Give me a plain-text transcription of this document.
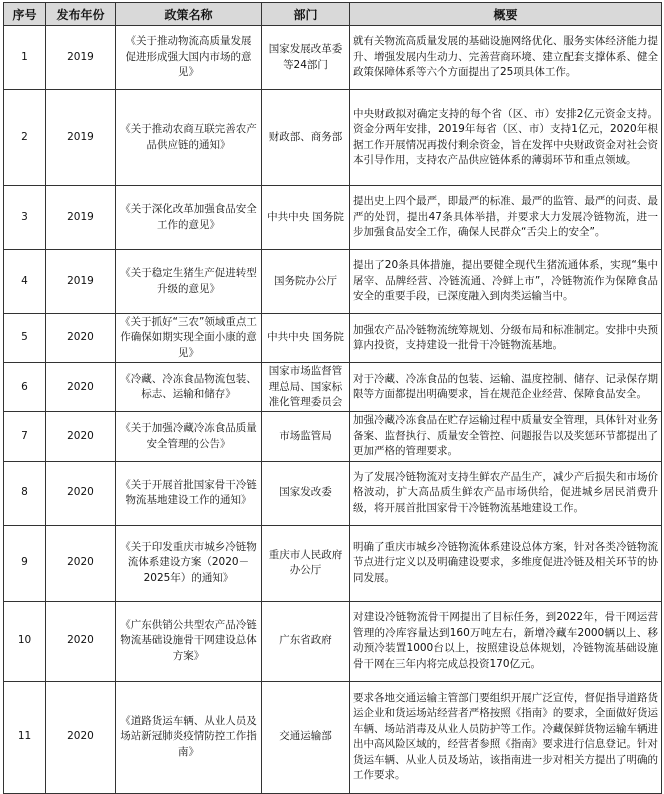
序号	发布年份	政策名称	部门	概要
1	2019	《关于推动物流高质量发展 促进形成强大国内市场的意见》	国家发展改革委等24部门	就有关物流高质量发展的基础设施网络优化、服务实体经济能力提升、增强发展内生动力、完善营商环境、建立配套支撑体系、健全政策保障体系等六个方面提出了25项具体工作。
2	2019	《关于推动农商互联完善农产品供应链的通知》	财政部、商务部	中央财政拟对确定支持的每个省（区、市）安排2亿元资金支持。资金分两年安排，2019年每省（区、市）支持1亿元，2020年根据工作开展情况再拨付剩余资金，旨在发挥中央财政资金对社会资本引导作用，支持农产品供应链体系的薄弱环节和重点领域。
3	2019	《关于深化改革加强食品安全工作的意见》	中共中央 国务院	提出史上四个最严，即最严的标准、最严的监管、最严的问责、最严的处罚，提出47条具体举措，并要求大力发展冷链物流，进一步加强食品安全工作，确保人民群众“舌尖上的安全”。
4	2019	《关于稳定生猪生产促进转型升级的意见》	国务院办公厅	提出了20条具体措施，提出要健全现代生猪流通体系，实现“集中屠宰、品牌经营、冷链流通、冷鲜上市”，冷链物流作为保障食品安全的重要手段，已深度融入到肉类运输当中。
5	2020	《关于抓好“三农”领域重点工作确保如期实现全面小康的意见》	中共中央 国务院	加强农产品冷链物流统筹规划、分级布局和标准制定。安排中央预算内投资，支持建设一批骨干冷链物流基地。
6	2020	《冷藏、冷冻食品物流包装、标志、运输和储存》	国家市场监督管理总局、国家标准化管理委员会	对于冷藏、冷冻食品的包装、运输、温度控制、储存、记录保存期限等方面都提出明确要求，旨在规范企业经营、保障食品安全。
7	2020	《关于加强冷藏冷冻食品质量安全管理的公告》	市场监管局	加强冷藏冷冻食品在贮存运输过程中质量安全管理，具体针对业务备案、监督执行、质量安全管控、问题报告以及奖惩环节都提出了更加严格的管理要求。
8	2020	《关于开展首批国家骨干冷链物流基地建设工作的通知》	国家发改委	为了发展冷链物流对支持生鲜农产品生产，减少产后损失和市场价格波动，扩大高品质生鲜农产品市场供给，促进城乡居民消费升级，将开展首批国家骨干冷链物流基地建设工作。
9	2020	《关于印发重庆市城乡冷链物流体系建设方案（2020－2025年）的通知》	重庆市人民政府办公厅	明确了重庆市城乡冷链物流体系建设总体方案，针对各类冷链物流节点进行定义以及明确建设要求，多维度促进冷链及相关环节的协同发展。
10	2020	《广东供销公共型农产品冷链物流基础设施骨干网建设总体方案》	广东省政府	对建设冷链物流骨干网提出了目标任务，到2022年，骨干网运营管理的冷库容量达到160万吨左右，新增冷藏车2000辆以上、移动预冷装置1000台以上，按照建设总体规划，冷链物流基础设施骨干网在三年内将完成总投资170亿元。
11	2020	《道路货运车辆、从业人员及场站新冠肺炎疫情防控工作指南》	交通运输部	要求各地交通运输主管部门要组织开展广泛宣传，督促指导道路货运企业和货运场站经营者严格按照《指南》的要求，全面做好货运车辆、场站消毒及从业人员防护等工作。冷藏保鲜货物运输车辆进出中高风险区域的，经营者参照《指南》要求进行信息登记。针对货运车辆、从业人员及场站，该指南进一步对相关方提出了明确的工作要求。
